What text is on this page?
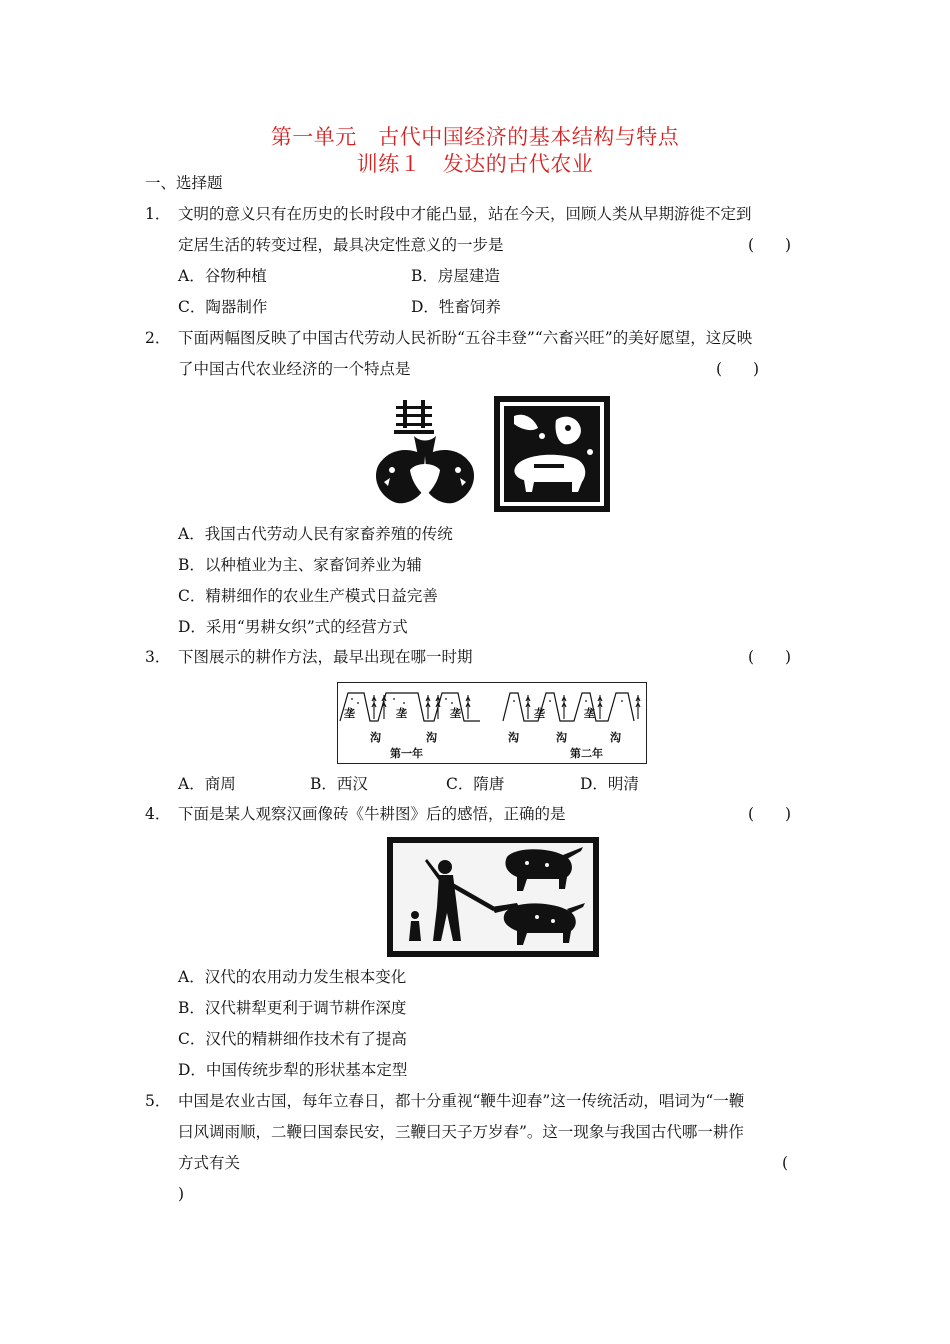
第一单元　古代中国经济的基本结构与特点
训练１　发达的古代农业
一、选择题
1． 文明的意义只有在历史的长时段中才能凸显，站在今天，回顾人类从早期游徙不定到
定居生活的转变过程，最具决定性意义的一步是	(　　)
A．谷物种植	B．房屋建造
C．陶器制作	D．牲畜饲养
2． 下面两幅图反映了中国古代劳动人民祈盼“五谷丰登”“六畜兴旺”的美好愿望，这反映
了中国古代农业经济的一个特点是	(　　)
A．我国古代劳动人民有家畜养殖的传统
B．以种植业为主、家畜饲养业为辅
C．精耕细作的农业生产模式日益完善
D．采用“男耕女织”式的经营方式
3． 下图展示的耕作方法，最早出现在哪一时期	(　　)
垄	垄	垄	垄	垄
沟	沟	沟	沟	沟
第一年	第二年
A．商周	B．西汉	C．隋唐	D．明清
4． 下面是某人观察汉画像砖《牛耕图》后的感悟，正确的是	(　　)
A．汉代的农用动力发生根本变化
B．汉代耕犁更利于调节耕作深度
C．汉代的精耕细作技术有了提高
D．中国传统步犁的形状基本定型
5． 中国是农业古国，每年立春日，都十分重视“鞭牛迎春”这一传统活动，唱词为“一鞭
曰风调雨顺，二鞭曰国泰民安，三鞭曰天子万岁春”。这一现象与我国古代哪一耕作
方式有关	(
)
